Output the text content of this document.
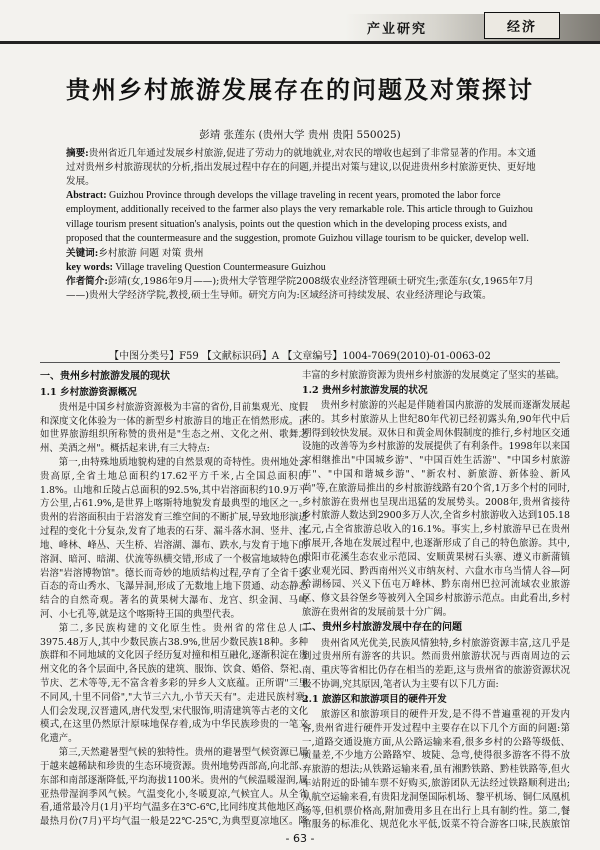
产业研究	经济
贵州乡村旅游发展存在的问题及对策探讨
彭靖 张莲东 (贵州大学 贵州 贵阳 550025)

摘要:贵州省近几年通过发展乡村旅游,促进了劳动力的就地就业,对农民的增收也起到了非常显著的作用。本文通过对贵州乡村旅游现状的分析,指出发展过程中存在的问题,并提出对策与建议,以促进贵州乡村旅游更快、更好地发展。

Abstract: Guizhou Province through develops the village traveling in recent years, promoted the labor force employment, additionally received to the farmer also plays the very remarkable role. This article through to Guizhou village tourism present situation's analysis, points out the question which in the developing process exists, and proposed that the countermeasure and the suggestion, promote Guizhou village tourism to be quicker, develop well.

关键词:乡村旅游 问题 对策 贵州

key words: Village traveling Question Countermeasure Guizhou

作者简介:彭靖(女,1986年9月——);贵州大学管理学院2008级农业经济管理硕士研究生;张莲东(女,1965年7月——)贵州大学经济学院,教授,硕士生导师。研究方向为:区域经济可持续发展、农业经济理论与政策。

【中图分类号】F59 【文献标识码】A 【文章编号】1004-7069(2010)-01-0063-02

一、贵州乡村旅游发展的现状

1.1 乡村旅游资源概况

贵州是中国乡村旅游资源极为丰富的省份,目前集观光、度假和深度文化体验为一体的新型乡村旅游目的地正在悄然形成。正如世界旅游组织所称赞的贵州是"生态之州、文化之州、歌舞之州、美酒之州"。概括起来讲,有三大特点:

第一,由特殊地质地貌构建的自然景观的奇特性。贵州地处云贵高原,全省土地总面积约17.62平方千米,占全国总面积的1.8%。山地和丘陵占总面积的92.5%,其中岩溶面积约10.9万平方公里,占61.9%,是世界上喀斯特地貌发育最典型的地区之一。贵州的岩溶面积由于岩溶发育三维空间的不断扩展,导致地形演进过程的变化十分复杂,发育了地表的石芽、漏斗落水洞、竖井、洼地、峰林、峰丛、天生桥、岩溶湖、瀑布、跌水,与发育于地下的溶洞、暗河、暗湖、伏流等纵横交错,形成了一个极富地域特色的岩溶"岩溶博物馆"。德长而奇妙的地质结构过程,孕育了全省千姿百态的奇山秀水、飞瀑异洞,形成了无数地上地下贯通、动态静态结合的自然奇观。著名的黄果树大瀑布、龙宫、织金洞、马岭河、小七孔等,就是这个喀斯特王国的典型代表。

第二,多民族构建的文化原生性。贵州省的常住总人口3975.48万人,其中少数民族占38.9%,世居少数民族18种。多种族群和不同地域的文化因子经历复对撞和相互融化,逐渐积淀在贵州文化的各个层面中,各民族的建筑、服饰、饮食、婚俗、祭祀、节庆、艺术等等,无不富含着多彩的异乡人文底蕴。正所谓"三里不同风,十里不同俗","大节三六九,小节天天有"。走进民族村寨,人们会发现,汉晋遗风,唐代发型,宋代服饰,明清建筑等古老的文化模式,在这里仍然原汁原味地保存着,成为中华民族珍贵的一笔文化遗产。

第三,天然避暑型气候的独特性。贵州的避暑型气候资源已属于越来越稀缺和珍贵的生态环境资源。贵州地势西部高,向北部、东部和南部逐渐降低,平均海拔1100米。贵州的气候温暖湿润,属亚热带湿润季风气候。气温变化小,冬暖夏凉,气候宜人。从全省看,通常最冷月(1月)平均气温多在3℃-6℃,比同纬度其他地区高;最热月份(7月)平均气温一般是22℃-25℃,为典型夏凉地区。降

丰富的乡村旅游资源为贵州乡村旅游的发展奠定了坚实的基础。

1.2 贵州乡村旅游发展的状况

贵州乡村旅游的兴起是伴随着国内旅游的发展而逐渐发展起来的。其乡村旅游从上世纪80年代初已经初露头角,90年代中后期得到较快发展。双休日和黄金周休假制度的推行,乡村地区交通设施的改善等为乡村旅游的发展提供了有利条件。1998年以来国家相继推出"中国城乡游"、"中国百姓生活游"、"中国乡村旅游年"、"中国和谐城乡游"、"新农村、新旅游、新体验、新风尚"等,在旅游局推出的乡村旅游线路有20个省,1万多个村的同时,乡村旅游在贵州也呈现出迅猛的发展势头。2008年,贵州省接待乡村旅游人数达到2900多万人次,全省乡村旅游收入达到105.18亿元,占全省旅游总收入的16.1%。事实上,乡村旅游早已在贵州省展开,各地在发展过程中,也逐渐形成了自己的特色旅游。其中,贵阳市花溪生态农业示范园、安顺黄果树石头寨、遵义市新蒲镇农业观光园、黔西南州兴义市纳灰村、六盘水市乌当情人谷—阿哈湖杨园、兴义下伍屯万峰林、黔东南州巴拉河流域农业旅游区、修文县谷堡乡等被列入全国乡村旅游示范点。由此看出,乡村旅游在贵州省的发展前景十分广阔。

二、贵州乡村旅游发展中存在的问题

贵州省风光优美,民族风情独特,乡村旅游资源丰富,这几乎是到过贵州所有游客的共识。然而贵州旅游状况与西南周边的云南、重庆等省相比仍存在相当的差距,这与贵州省的旅游资源状况极不协调,究其原因,笔者认为主要有以下几方面:

2.1 旅游区和旅游项目的硬件开发

旅游区和旅游项目的硬件开发,是不得不普遍重视的开发内容,贵州省进行硬件开发过程中主要存在以下几个方面的问题:第一,道路交通设施方面,从公路运输来看,很多乡村的公路等级低、质量差,不少地方公路路窄、坡陡、急弯,使得很多游客不得不放弃旅游的想法;从铁路运输来看,虽有湘黔铁路、黔桂铁路等,但火车站附近的卧铺车票不好购买,旅游团队无法经过铁路顺利进出;从航空运输来看,有贵阳龙洞堡国际机场、黎平机场、铜仁凤凰机场等,但机票价格高,附加费用多且在出行上具有制约性。第二,餐馆服务的标准化、规范化水平低,饭菜不符合游客口味,民族旅馆

- 63 -
